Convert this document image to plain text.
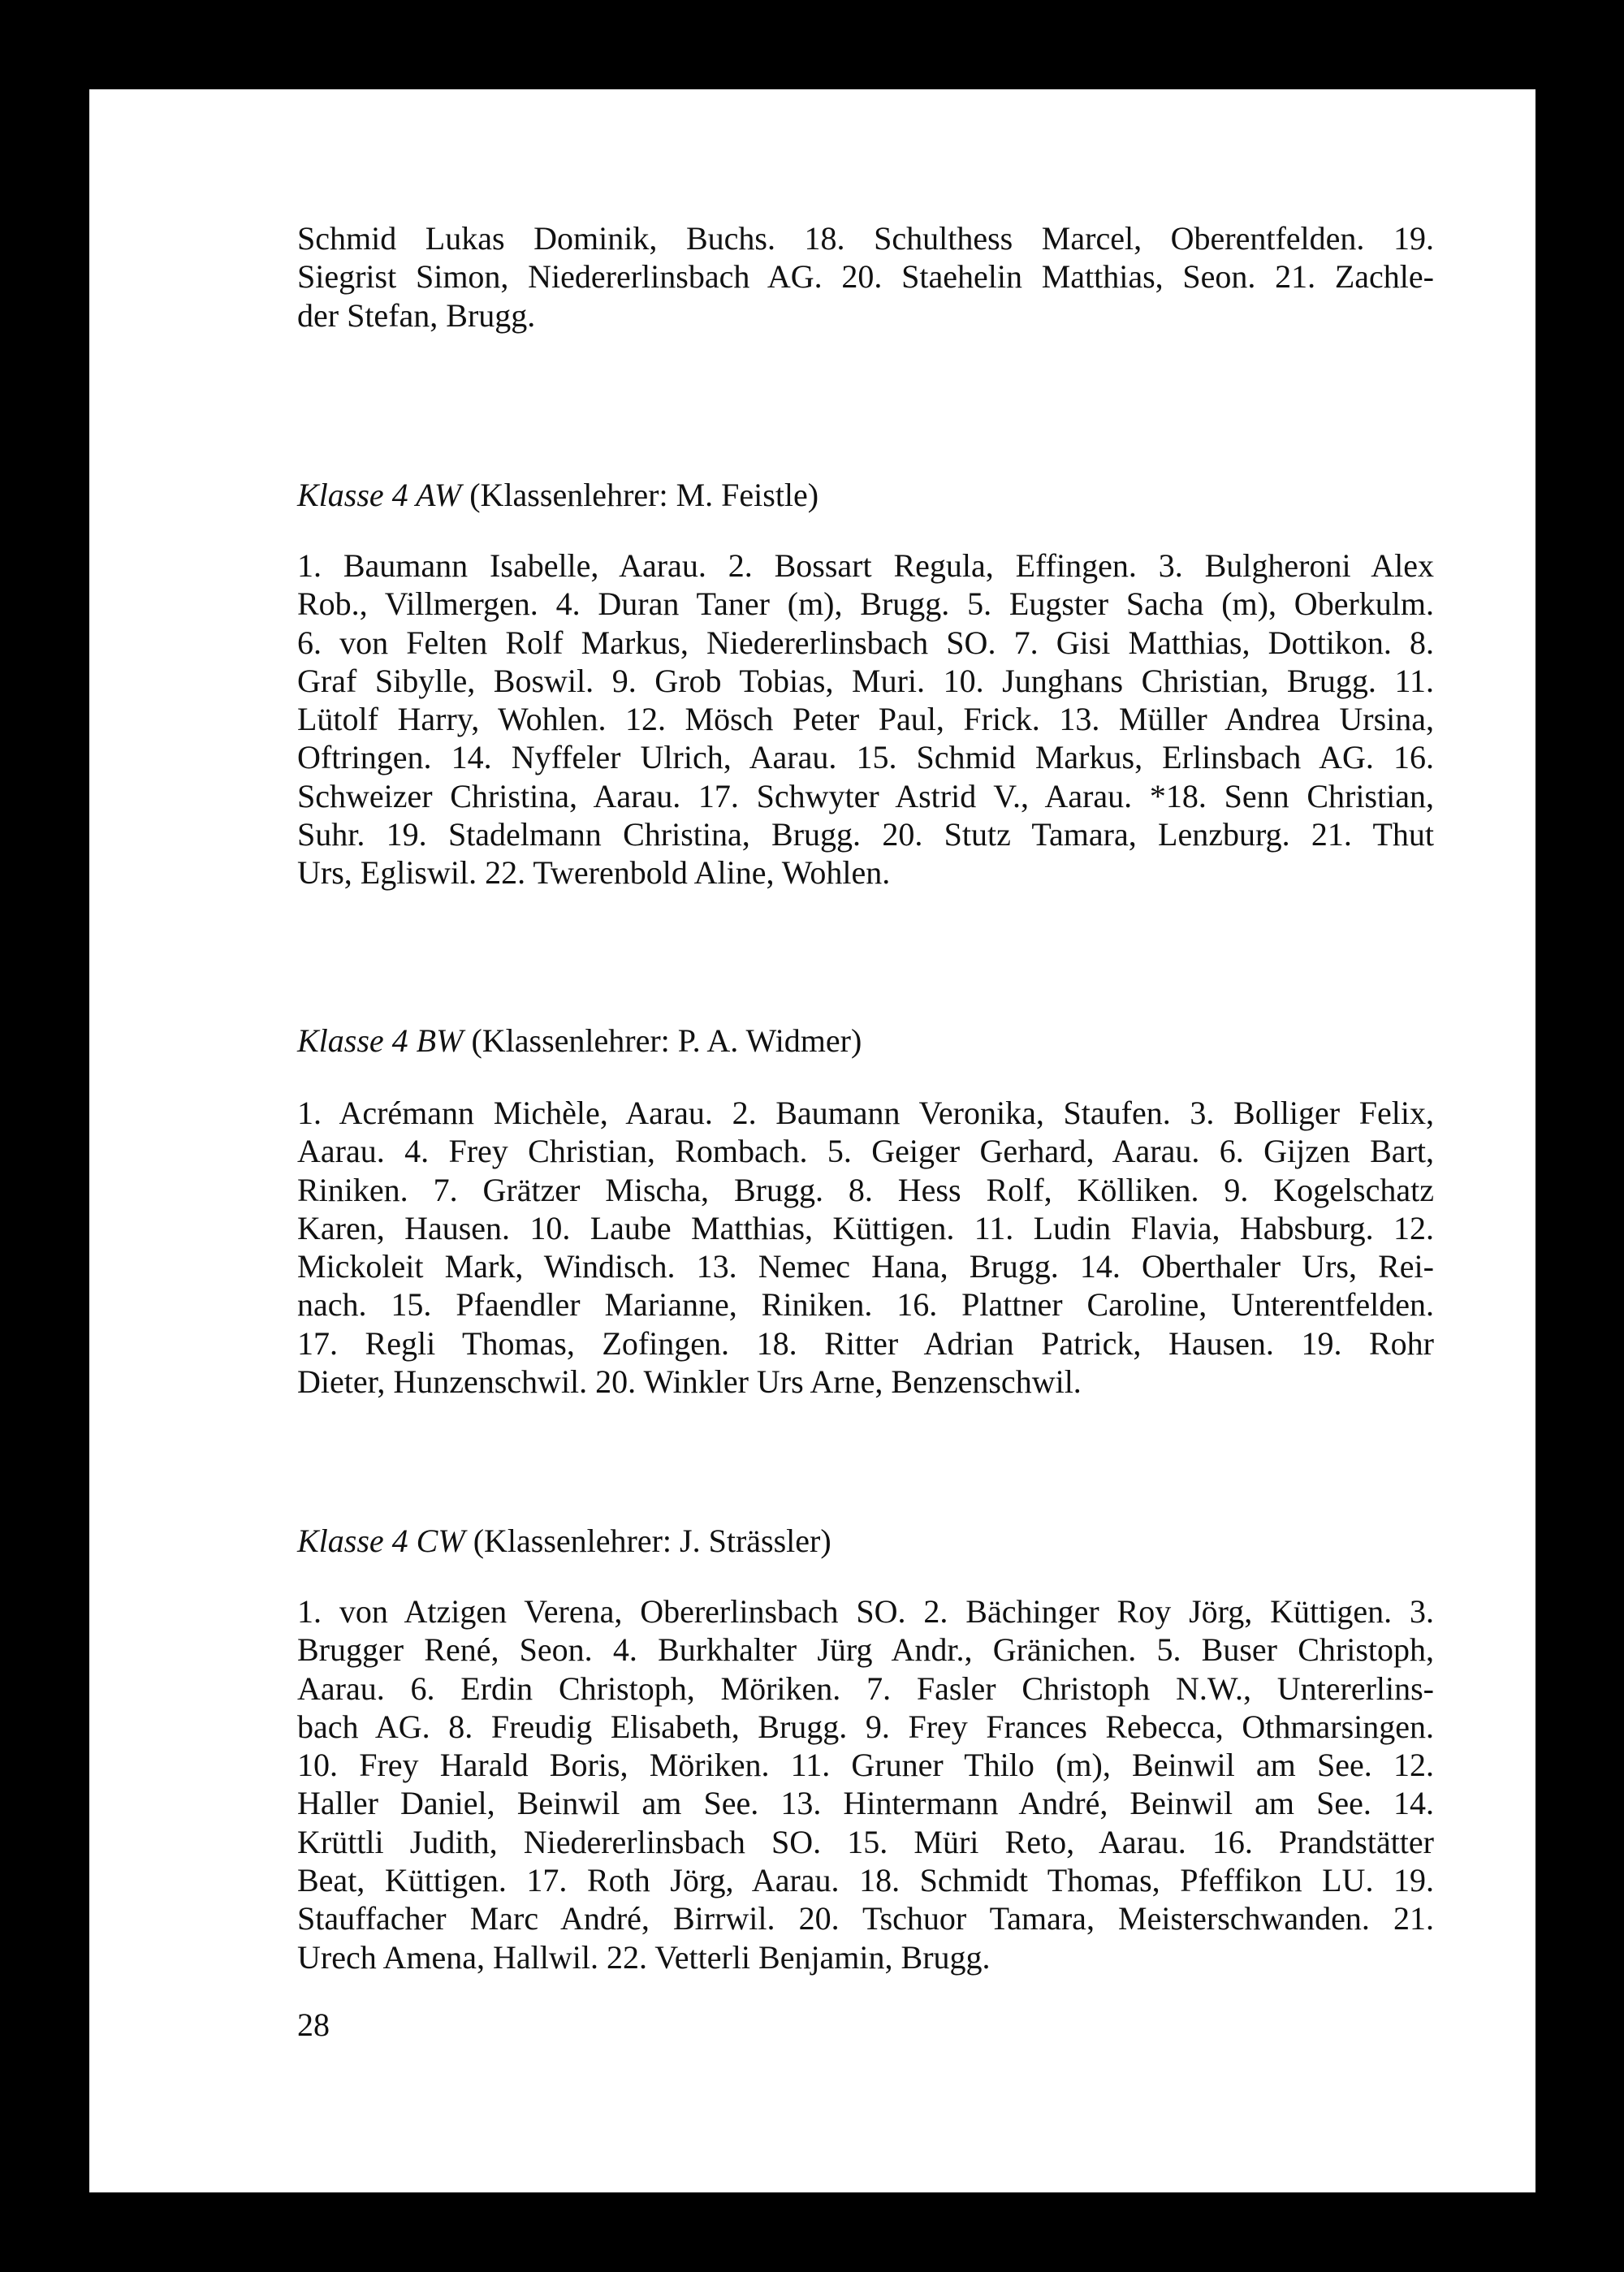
Schmid Lukas Dominik, Buchs. 18. Schulthess Marcel, Oberentfelden. 19.
Siegrist Simon, Niedererlinsbach AG. 20. Staehelin Matthias, Seon. 21. Zachle-
der Stefan, Brugg.
Klasse 4 AW (Klassenlehrer: M. Feistle)
1. Baumann Isabelle, Aarau. 2. Bossart Regula, Effingen. 3. Bulgheroni Alex
Rob., Villmergen. 4. Duran Taner (m), Brugg. 5. Eugster Sacha (m), Oberkulm.
6. von Felten Rolf Markus, Niedererlinsbach SO. 7. Gisi Matthias, Dottikon. 8.
Graf Sibylle, Boswil. 9. Grob Tobias, Muri. 10. Junghans Christian, Brugg. 11.
Lütolf Harry, Wohlen. 12. Mösch Peter Paul, Frick. 13. Müller Andrea Ursina,
Oftringen. 14. Nyffeler Ulrich, Aarau. 15. Schmid Markus, Erlinsbach AG. 16.
Schweizer Christina, Aarau. 17. Schwyter Astrid V., Aarau. *18. Senn Christian,
Suhr. 19. Stadelmann Christina, Brugg. 20. Stutz Tamara, Lenzburg. 21. Thut
Urs, Egliswil. 22. Twerenbold Aline, Wohlen.
Klasse 4 BW (Klassenlehrer: P. A. Widmer)
1. Acrémann Michèle, Aarau. 2. Baumann Veronika, Staufen. 3. Bolliger Felix,
Aarau. 4. Frey Christian, Rombach. 5. Geiger Gerhard, Aarau. 6. Gijzen Bart,
Riniken. 7. Grätzer Mischa, Brugg. 8. Hess Rolf, Kölliken. 9. Kogelschatz
Karen, Hausen. 10. Laube Matthias, Küttigen. 11. Ludin Flavia, Habsburg. 12.
Mickoleit Mark, Windisch. 13. Nemec Hana, Brugg. 14. Oberthaler Urs, Rei-
nach. 15. Pfaendler Marianne, Riniken. 16. Plattner Caroline, Unterentfelden.
17. Regli Thomas, Zofingen. 18. Ritter Adrian Patrick, Hausen. 19. Rohr
Dieter, Hunzenschwil. 20. Winkler Urs Arne, Benzenschwil.
Klasse 4 CW (Klassenlehrer: J. Strässler)
1. von Atzigen Verena, Obererlinsbach SO. 2. Bächinger Roy Jörg, Küttigen. 3.
Brugger René, Seon. 4. Burkhalter Jürg Andr., Gränichen. 5. Buser Christoph,
Aarau. 6. Erdin Christoph, Möriken. 7. Fasler Christoph N.W., Untererlins-
bach AG. 8. Freudig Elisabeth, Brugg. 9. Frey Frances Rebecca, Othmarsingen.
10. Frey Harald Boris, Möriken. 11. Gruner Thilo (m), Beinwil am See. 12.
Haller Daniel, Beinwil am See. 13. Hintermann André, Beinwil am See. 14.
Krüttli Judith, Niedererlinsbach SO. 15. Müri Reto, Aarau. 16. Prandstätter
Beat, Küttigen. 17. Roth Jörg, Aarau. 18. Schmidt Thomas, Pfeffikon LU. 19.
Stauffacher Marc André, Birrwil. 20. Tschuor Tamara, Meisterschwanden. 21.
Urech Amena, Hallwil. 22. Vetterli Benjamin, Brugg.
28
